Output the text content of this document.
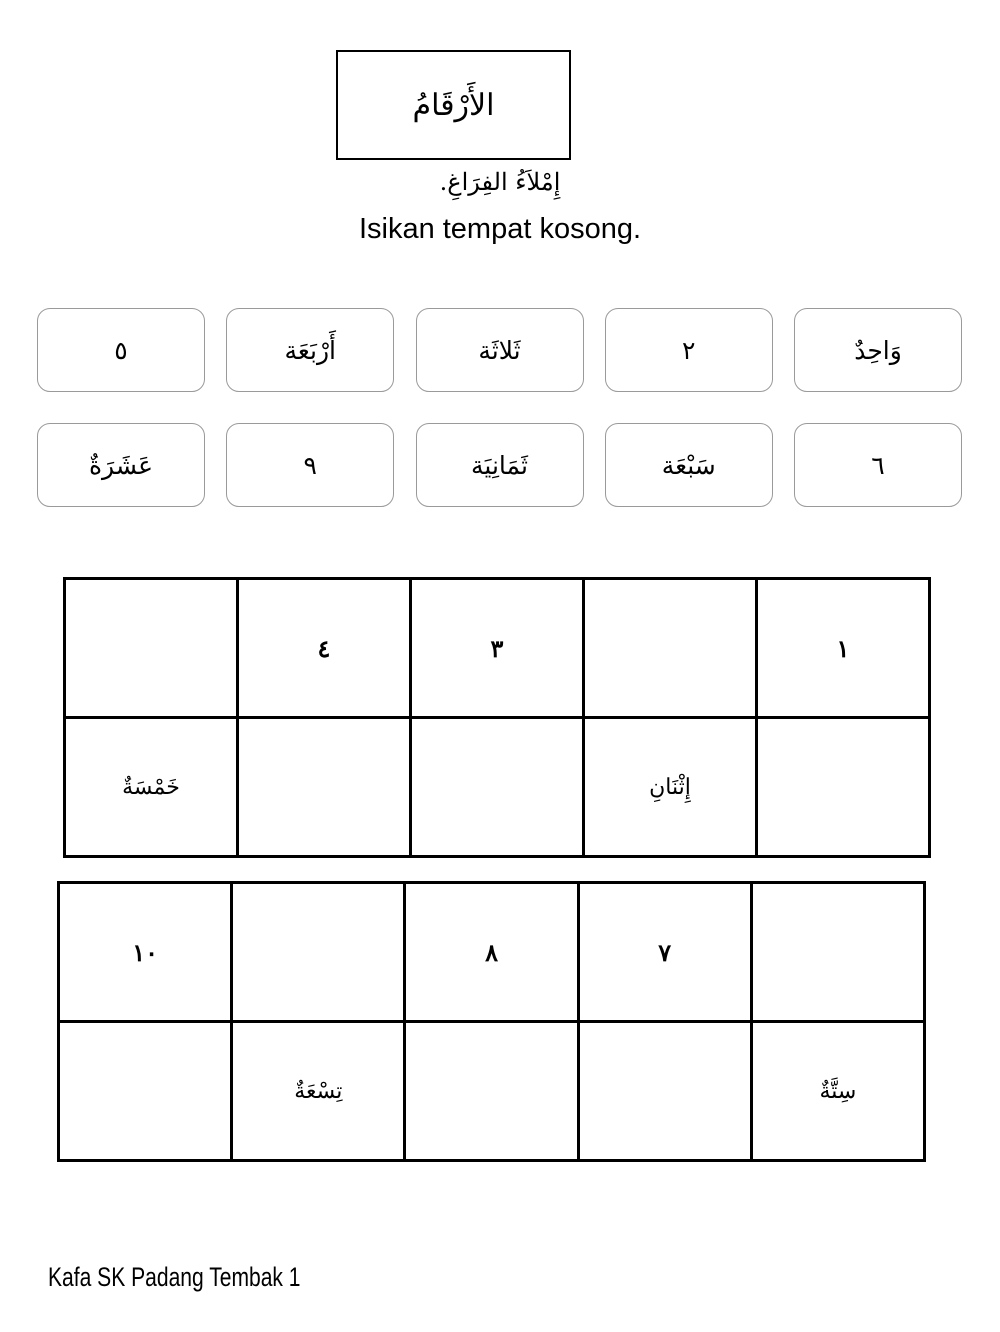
الأَرْقَامُ
إِمْلاَءُ الفِرَاغِ.
Isikan tempat kosong.
وَاحِدٌ
٢
ثَلاثَة
أَرْبَعَة
٥
٦
سَبْعَة
ثَمَانِيَة
٩
عَشَرَةٌ
١		٣	٤	
	إِثْنَانِ			خَمْسَةٌ
	٧	٨		١٠
سِتَّةٌ			تِسْعَةٌ	
Kafa SK Padang Tembak 1
